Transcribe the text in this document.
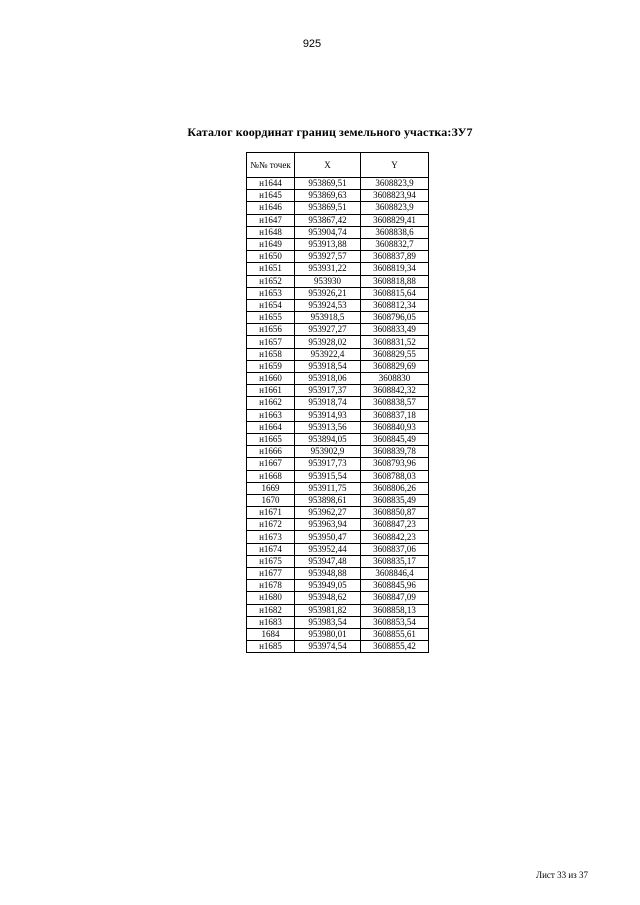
925
Каталог координат границ земельного участка:ЗУ7
№№ точек	X	Y
н1644	953869,51	3608823,9
н1645	953869,63	3608823,94
н1646	953869,51	3608823,9
н1647	953867,42	3608829,41
н1648	953904,74	3608838,6
н1649	953913,88	3608832,7
н1650	953927,57	3608837,89
н1651	953931,22	3608819,34
н1652	953930	3608818,88
н1653	953926,21	3608815,64
н1654	953924,53	3608812,34
н1655	953918,5	3608796,05
н1656	953927,27	3608833,49
н1657	953928,02	3608831,52
н1658	953922,4	3608829,55
н1659	953918,54	3608829,69
н1660	953918,06	3608830
н1661	953917,37	3608842,32
н1662	953918,74	3608838,57
н1663	953914,93	3608837,18
н1664	953913,56	3608840,93
н1665	953894,05	3608845,49
н1666	953902,9	3608839,78
н1667	953917,73	3608793,96
н1668	953915,54	3608788,03
1669	953911,75	3608806,26
1670	953898,61	3608835,49
н1671	953962,27	3608850,87
н1672	953963,94	3608847,23
н1673	953950,47	3608842,23
н1674	953952,44	3608837,06
н1675	953947,48	3608835,17
н1677	953948,88	3608846,4
н1678	953949,05	3608845,96
н1680	953948,62	3608847,09
н1682	953981,82	3608858,13
н1683	953983,54	3608853,54
1684	953980,01	3608855,61
н1685	953974,54	3608855,42
Лист 33 из 37
